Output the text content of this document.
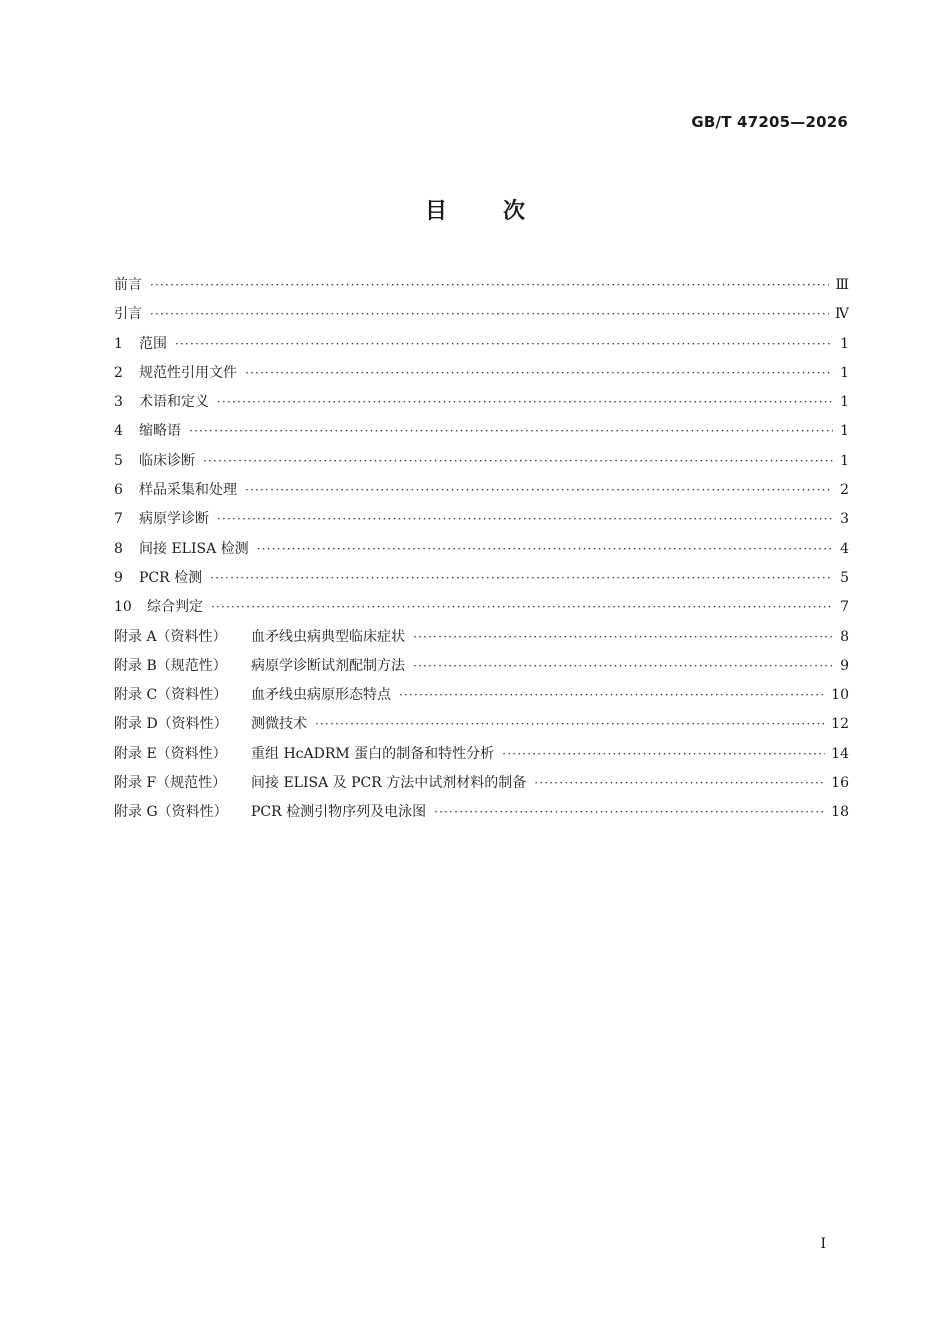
GB/T 47205—2026
目次
前言 ·····	Ⅲ
引言 ·····	Ⅳ
1	范围 ·····	1
2	规范性引用文件 ·····	1
3	术语和定义 ·····	1
4	缩略语 ·····	1
5	临床诊断 ·····	1
6	样品采集和处理 ·····	2
7	病原学诊断 ·····	3
8	间接 ELISA 检测 ·····	4
9	PCR 检测 ·····	5
10	综合判定 ·····	7
附录 A（资料性）	血矛线虫病典型临床症状 ·····	8
附录 B（规范性）	病原学诊断试剂配制方法 ·····	9
附录 C（资料性）	血矛线虫病原形态特点 ·····	10
附录 D（资料性）	测微技术 ·····	12
附录 E（资料性）	重组 HcADRM 蛋白的制备和特性分析 ·····	14
附录 F（规范性）	间接 ELISA 及 PCR 方法中试剂材料的制备 ·····	16
附录 G（资料性）	PCR 检测引物序列及电泳图 ·····	18
Ⅰ
